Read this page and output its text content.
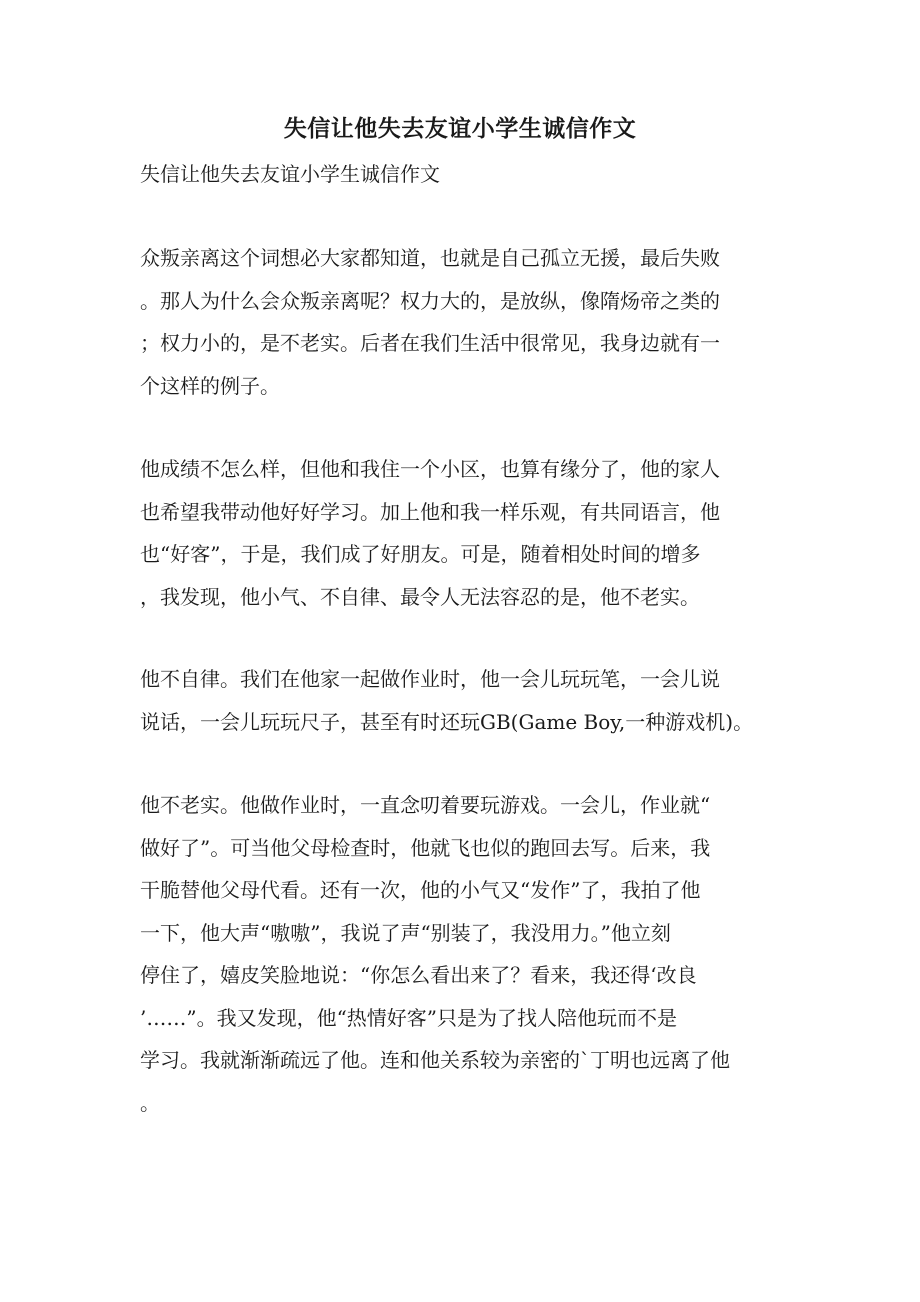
失信让他失去友谊小学生诚信作文
失信让他失去友谊小学生诚信作文
众叛亲离这个词想必大家都知道，也就是自己孤立无援，最后失败
。那人为什么会众叛亲离呢？权力大的，是放纵，像隋炀帝之类的
；权力小的，是不老实。后者在我们生活中很常见，我身边就有一
个这样的例子。
他成绩不怎么样，但他和我住一个小区，也算有缘分了，他的家人
也希望我带动他好好学习。加上他和我一样乐观，有共同语言，他
也“好客”，于是，我们成了好朋友。可是，随着相处时间的增多
，我发现，他小气、不自律、最令人无法容忍的是，他不老实。
他不自律。我们在他家一起做作业时，他一会儿玩玩笔，一会儿说
说话，一会儿玩玩尺子，甚至有时还玩GB(Game Boy,一种游戏机)。
他不老实。他做作业时，一直念叨着要玩游戏。一会儿，作业就“
做好了”。可当他父母检查时，他就飞也似的跑回去写。后来，我
干脆替他父母代看。还有一次，他的小气又“发作”了，我拍了他
一下，他大声“嗷嗷”，我说了声“别装了，我没用力。”他立刻
停住了，嬉皮笑脸地说：“你怎么看出来了？看来，我还得‘改良
’……”。我又发现，他“热情好客”只是为了找人陪他玩而不是
学习。我就渐渐疏远了他。连和他关系较为亲密的`丁明也远离了他
。
